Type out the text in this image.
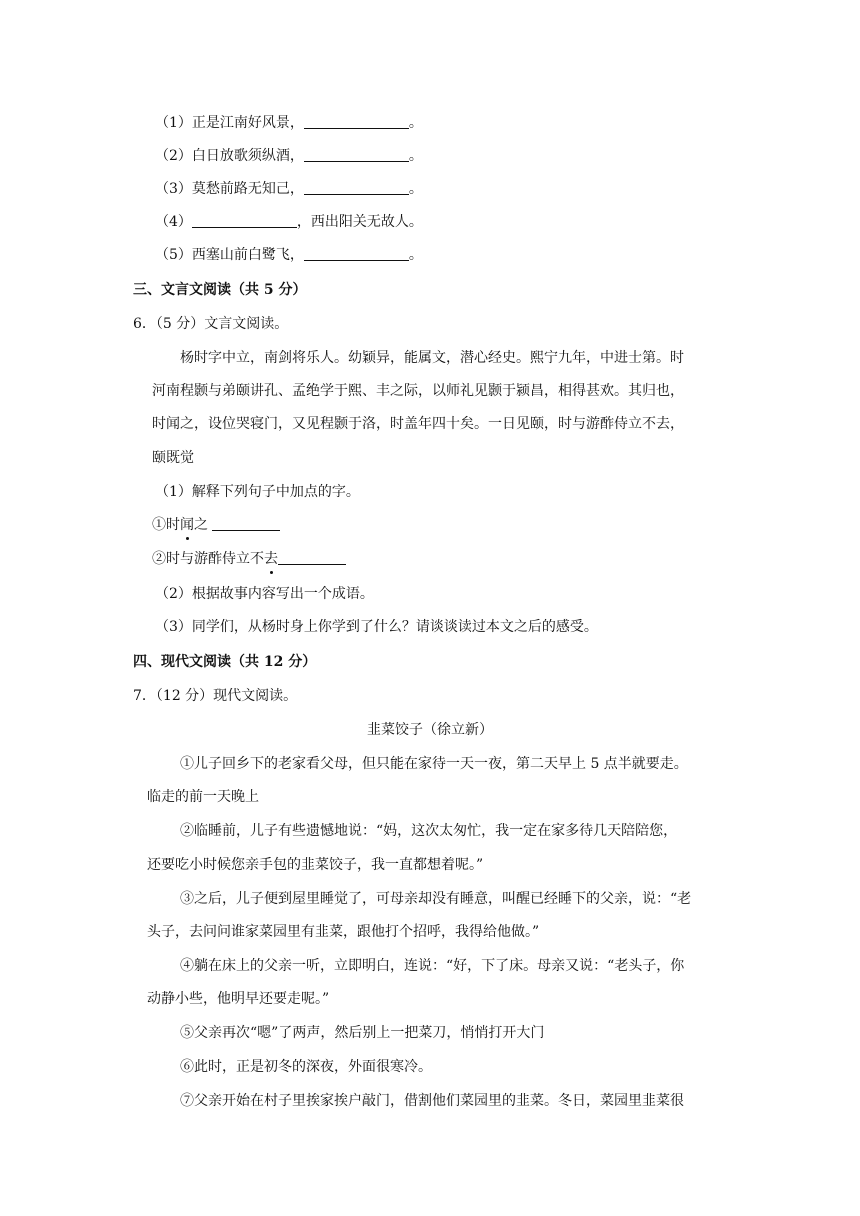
（1）正是江南好风景，	。
（2）白日放歌须纵酒，	。
（3）莫愁前路无知己，	。
（4）	，西出阳关无故人。
（5）西塞山前白鹭飞，	。
三、文言文阅读（共 5 分）
6．（5 分）文言文阅读。
杨时字中立，南剑将乐人。幼颖异，能属文，潜心经史。熙宁九年，中进士第。时
河南程颢与弟颐讲孔、孟绝学于熙、丰之际，以师礼见颢于颍昌，相得甚欢。其归也，
时闻之，设位哭寝门，又见程颢于洛，时盖年四十矣。一日见颐，时与游酢侍立不去，
颐既觉
（1）解释下列句子中加点的字。
①时闻之
②时与游酢侍立不去
（2）根据故事内容写出一个成语。
（3）同学们，从杨时身上你学到了什么？请谈谈读过本文之后的感受。
四、现代文阅读（共 12 分）
7．（12 分）现代文阅读。
韭菜饺子（徐立新）
①儿子回乡下的老家看父母，但只能在家待一天一夜，第二天早上 5 点半就要走。
临走的前一天晚上
②临睡前，儿子有些遗憾地说：“妈，这次太匆忙，我一定在家多待几天陪陪您，
还要吃小时候您亲手包的韭菜饺子，我一直都想着呢。”
③之后，儿子便到屋里睡觉了，可母亲却没有睡意，叫醒已经睡下的父亲，说：“老
头子，去问问谁家菜园里有韭菜，跟他打个招呼，我得给他做。”
④躺在床上的父亲一听，立即明白，连说：“好，下了床。母亲又说：“老头子，你
动静小些，他明早还要走呢。”
⑤父亲再次“嗯”了两声，然后别上一把菜刀，悄悄打开大门
⑥此时，正是初冬的深夜，外面很寒冷。
⑦父亲开始在村子里挨家挨户敲门，借割他们菜园里的韭菜。冬日，菜园里韭菜很
